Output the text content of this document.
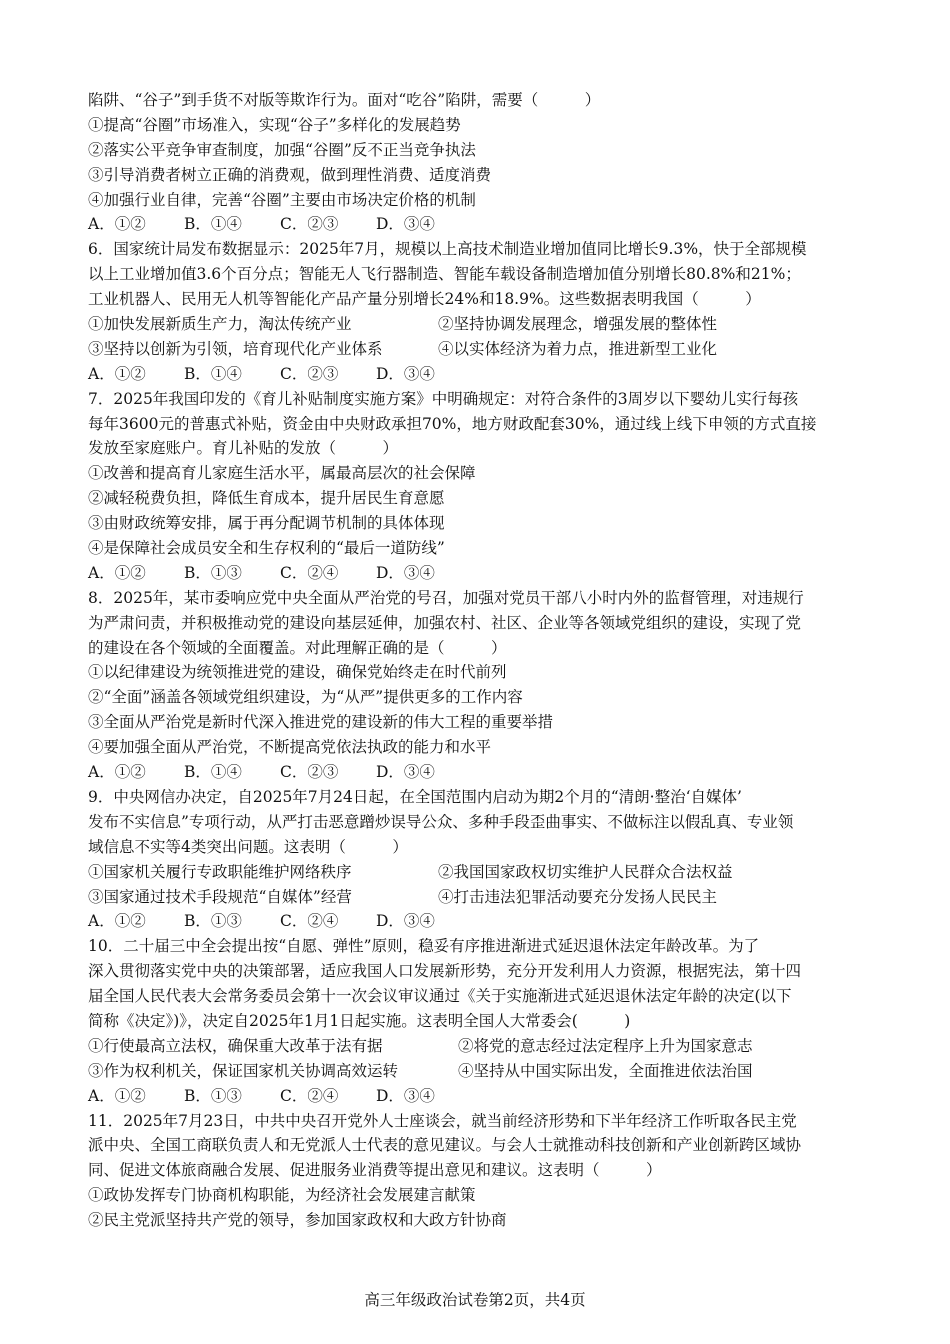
陷阱、“谷子”到手货不对版等欺诈行为。面对“吃谷”陷阱，需要（　　　）
①提高“谷圈”市场准入，实现“谷子”多样化的发展趋势
②落实公平竞争审查制度，加强“谷圈”反不正当竞争执法
③引导消费者树立正确的消费观，做到理性消费、适度消费
④加强行业自律，完善“谷圈”主要由市场决定价格的机制
A．①②	B．①④	C．②③	D．③④
6．国家统计局发布数据显示：2025年7月，规模以上高技术制造业增加值同比增长9.3%，快于全部规模
以上工业增加值3.6个百分点；智能无人飞行器制造、智能车载设备制造增加值分别增长80.8%和21%；
工业机器人、民用无人机等智能化产品产量分别增长24%和18.9%。这些数据表明我国（　　　）
①加快发展新质生产力，淘汰传统产业	②坚持协调发展理念，增强发展的整体性
③坚持以创新为引领，培育现代化产业体系	④以实体经济为着力点，推进新型工业化
A．①②	B．①④	C．②③	D．③④
7．2025年我国印发的《育儿补贴制度实施方案》中明确规定：对符合条件的3周岁以下婴幼儿实行每孩
每年3600元的普惠式补贴，资金由中央财政承担70%，地方财政配套30%，通过线上线下申领的方式直接
发放至家庭账户。育儿补贴的发放（　　　）
①改善和提高育儿家庭生活水平，属最高层次的社会保障
②减轻税费负担，降低生育成本，提升居民生育意愿
③由财政统筹安排，属于再分配调节机制的具体体现
④是保障社会成员安全和生存权利的“最后一道防线”
A．①②	B．①③	C．②④	D．③④
8．2025年，某市委响应党中央全面从严治党的号召，加强对党员干部八小时内外的监督管理，对违规行
为严肃问责，并积极推动党的建设向基层延伸，加强农村、社区、企业等各领域党组织的建设，实现了党
的建设在各个领域的全面覆盖。对此理解正确的是（　　　）
①以纪律建设为统领推进党的建设，确保党始终走在时代前列
②“全面”涵盖各领域党组织建设，为“从严”提供更多的工作内容
③全面从严治党是新时代深入推进党的建设新的伟大工程的重要举措
④要加强全面从严治党，不断提高党依法执政的能力和水平
A．①②	B．①④	C．②③	D．③④
9．中央网信办决定，自2025年7月24日起，在全国范围内启动为期2个月的“清朗·整治‘自媒体’
发布不实信息”专项行动，从严打击恶意蹭炒误导公众、多种手段歪曲事实、不做标注以假乱真、专业领
域信息不实等4类突出问题。这表明（　　　）
①国家机关履行专政职能维护网络秩序	②我国国家政权切实维护人民群众合法权益
③国家通过技术手段规范“自媒体”经营	④打击违法犯罪活动要充分发扬人民民主
A．①②	B．①③	C．②④	D．③④
10．二十届三中全会提出按“自愿、弹性”原则，稳妥有序推进渐进式延迟退休法定年龄改革。为了
深入贯彻落实党中央的决策部署，适应我国人口发展新形势，充分开发利用人力资源，根据宪法，第十四
届全国人民代表大会常务委员会第十一次会议审议通过《关于实施渐进式延迟退休法定年龄的决定(以下
简称《决定》)》，决定自2025年1月1日起实施。这表明全国人大常委会(　　　)
①行使最高立法权，确保重大改革于法有据	②将党的意志经过法定程序上升为国家意志
③作为权利机关，保证国家机关协调高效运转	④坚持从中国实际出发，全面推进依法治国
A．①②	B．①③	C．②④	D．③④
11．2025年7月23日，中共中央召开党外人士座谈会，就当前经济形势和下半年经济工作听取各民主党
派中央、全国工商联负责人和无党派人士代表的意见建议。与会人士就推动科技创新和产业创新跨区域协
同、促进文体旅商融合发展、促进服务业消费等提出意见和建议。这表明（　　　）
①政协发挥专门协商机构职能，为经济社会发展建言献策
②民主党派坚持共产党的领导，参加国家政权和大政方针协商
高三年级政治试卷第2页，共4页
